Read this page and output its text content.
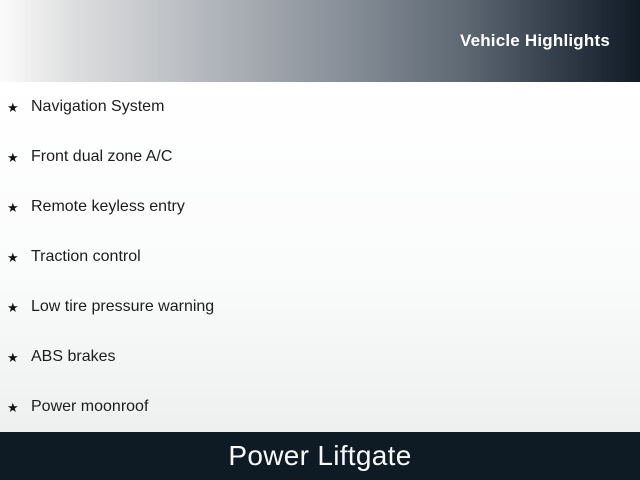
Vehicle Highlights
★ Navigation System
★ Front dual zone A/C
★ Remote keyless entry
★ Traction control
★ Low tire pressure warning
★ ABS brakes
★ Power moonroof
Power Liftgate
